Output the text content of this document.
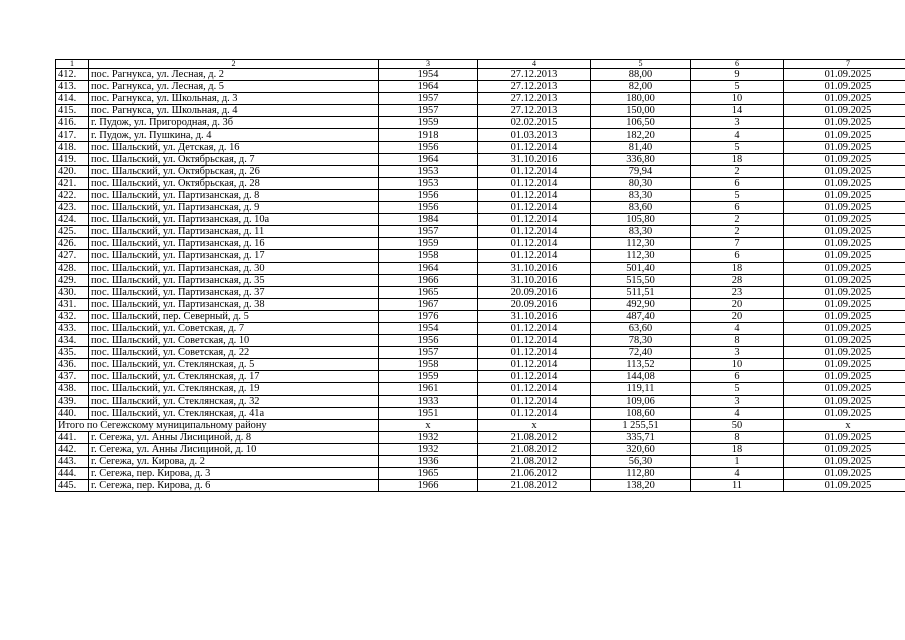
1	2	3	4	5	6	7
412.	пос. Рагнукса, ул. Лесная, д. 2	1954	27.12.2013	88,00	9	01.09.2025
413.	пос. Рагнукса, ул. Лесная, д. 5	1964	27.12.2013	82,00	5	01.09.2025
414.	пос. Рагнукса, ул. Школьная, д. 3	1957	27.12.2013	180,00	10	01.09.2025
415.	пос. Рагнукса, ул. Школьная, д. 4	1957	27.12.2013	150,00	14	01.09.2025
416.	г. Пудож, ул. Пригородная, д. 3б	1959	02.02.2015	106,50	3	01.09.2025
417.	г. Пудож, ул. Пушкина, д. 4	1918	01.03.2013	182,20	4	01.09.2025
418.	пос. Шальский, ул. Детская, д. 16	1956	01.12.2014	81,40	5	01.09.2025
419.	пос. Шальский, ул. Октябрьская, д. 7	1964	31.10.2016	336,80	18	01.09.2025
420.	пос. Шальский, ул. Октябрьская, д. 26	1953	01.12.2014	79,94	2	01.09.2025
421.	пос. Шальский, ул. Октябрьская, д. 28	1953	01.12.2014	80,30	6	01.09.2025
422.	пос. Шальский, ул. Партизанская, д. 8	1956	01.12.2014	83,30	5	01.09.2025
423.	пос. Шальский, ул. Партизанская, д. 9	1956	01.12.2014	83,60	6	01.09.2025
424.	пос. Шальский, ул. Партизанская, д. 10а	1984	01.12.2014	105,80	2	01.09.2025
425.	пос. Шальский, ул. Партизанская, д. 11	1957	01.12.2014	83,30	2	01.09.2025
426.	пос. Шальский, ул. Партизанская, д. 16	1959	01.12.2014	112,30	7	01.09.2025
427.	пос. Шальский, ул. Партизанская, д. 17	1958	01.12.2014	112,30	6	01.09.2025
428.	пос. Шальский, ул. Партизанская, д. 30	1964	31.10.2016	501,40	18	01.09.2025
429.	пос. Шальский, ул. Партизанская, д. 35	1966	31.10.2016	515,50	28	01.09.2025
430.	пос. Шальский, ул. Партизанская, д. 37	1965	20.09.2016	511,51	23	01.09.2025
431.	пос. Шальский, ул. Партизанская, д. 38	1967	20.09.2016	492,90	20	01.09.2025
432.	пос. Шальский, пер. Северный, д. 5	1976	31.10.2016	487,40	20	01.09.2025
433.	пос. Шальский, ул. Советская, д. 7	1954	01.12.2014	63,60	4	01.09.2025
434.	пос. Шальский, ул. Советская, д. 10	1956	01.12.2014	78,30	8	01.09.2025
435.	пос. Шальский, ул. Советская, д. 22	1957	01.12.2014	72,40	3	01.09.2025
436.	пос. Шальский, ул. Стеклянская, д. 5	1958	01.12.2014	113,52	10	01.09.2025
437.	пос. Шальский, ул. Стеклянская, д. 17	1959	01.12.2014	144,08	6	01.09.2025
438.	пос. Шальский, ул. Стеклянская, д. 19	1961	01.12.2014	119,11	5	01.09.2025
439.	пос. Шальский, ул. Стеклянская, д. 32	1933	01.12.2014	109,06	3	01.09.2025
440.	пос. Шальский, ул. Стеклянская, д. 41а	1951	01.12.2014	108,60	4	01.09.2025
Итого по Сегежскому муниципальному району		x	x	1 255,51	50	x
441.	г. Сегежа, ул. Анны Лисициной, д. 8	1932	21.08.2012	335,71	8	01.09.2025
442.	г. Сегежа, ул. Анны Лисициной, д. 10	1932	21.08.2012	320,60	18	01.09.2025
443.	г. Сегежа, ул. Кирова, д. 2	1936	21.08.2012	56,30	1	01.09.2025
444.	г. Сегежа, пер. Кирова, д. 3	1965	21.06.2012	112,80	4	01.09.2025
445.	г. Сегежа, пер. Кирова, д. 6	1966	21.08.2012	138,20	11	01.09.2025
